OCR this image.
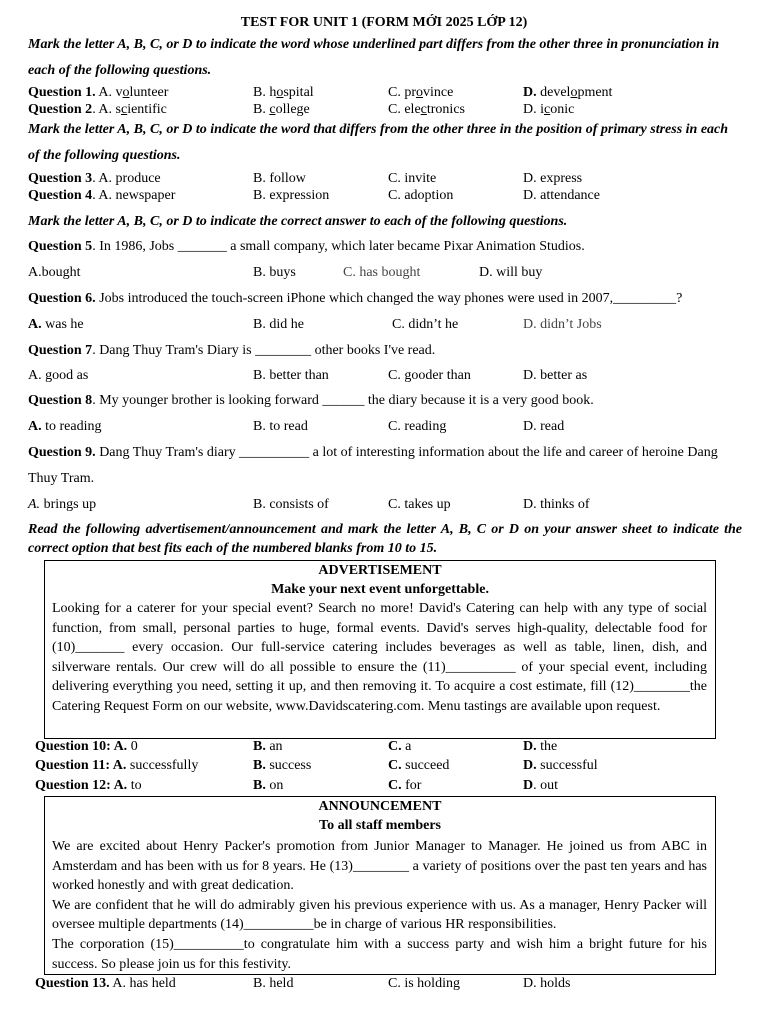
TEST FOR UNIT 1 (FORM MỚI 2025 LỚP 12)
Mark the letter A, B, C, or D to indicate the word whose underlined part differs from the other three in pronunciation in each of the following questions.
Question 1. A. volunteer	B. hospital	C. province	D. development
Question 2. A. scientific	B. college	C. electronics	D. iconic
Mark the letter A, B, C, or D to indicate the word that differs from the other three in the position of primary stress in each of the following questions.
Question 3. A. produce	B. follow	C. invite	D. express
Question 4. A. newspaper	B. expression	C. adoption	D. attendance
Mark the letter A, B, C, or D to indicate the correct answer to each of the following questions.
Question 5. In 1986, Jobs _______ a small company, which later became Pixar Animation Studios.
A.bought	B. buys	C. has bought	D. will buy
Question 6. Jobs introduced the touch-screen iPhone which changed the way phones were used in 2007,_________?
A. was he	B. did he	C. didn’t he	D. didn’t Jobs
Question 7. Dang Thuy Tram's Diary is ________ other books I've read.
A. good as	B. better than	C. gooder than	D. better as
Question 8. My younger brother is looking forward ______ the diary because it is a very good book.
A. to reading	B. to read	C. reading	D. read
Question 9. Dang Thuy Tram's diary __________ a lot of interesting information about the life and career of heroine Dang
Thuy Tram.
A. brings up	B. consists of	C. takes up	D. thinks of
Read the following advertisement/announcement and mark the letter A, B, C or D on your answer sheet to indicate the correct option that best fits each of the numbered blanks from 10 to 15.
ADVERTISEMENT
Make your next event unforgettable.
Looking for a caterer for your special event? Search no more! David's Catering can help with any type of social function, from small, personal parties to huge, formal events. David's serves high-quality, delectable food for (10)_______ every occasion. Our full-service catering includes beverages as well as table, linen, dish, and silverware rentals. Our crew will do all possible to ensure the (11)__________ of your special event, including delivering everything you need, setting it up, and then removing it. To acquire a cost estimate, fill (12)________the Catering Request Form on our website, www.Davidscatering.com. Menu tastings are available upon request.
Question 10: A. 0	B. an	C. a	D. the
Question 11: A. successfully	B. success	C. succeed	D. successful
Question 12: A. to	B. on	C. for	D. out
ANNOUNCEMENT
To all staff members
We are excited about Henry Packer's promotion from Junior Manager to Manager. He joined us from ABC in Amsterdam and has been with us for 8 years. He (13)________ a variety of positions over the past ten years and has worked honestly and with great dedication.
We are confident that he will do admirably given his previous experience with us. As a manager, Henry Packer will oversee multiple departments (14)__________be in charge of various HR responsibilities.
The corporation (15)__________to congratulate him with a success party and wish him a bright future for his success. So please join us for this festivity.
Question 13. A. has held	B. held	C. is holding	D. holds
